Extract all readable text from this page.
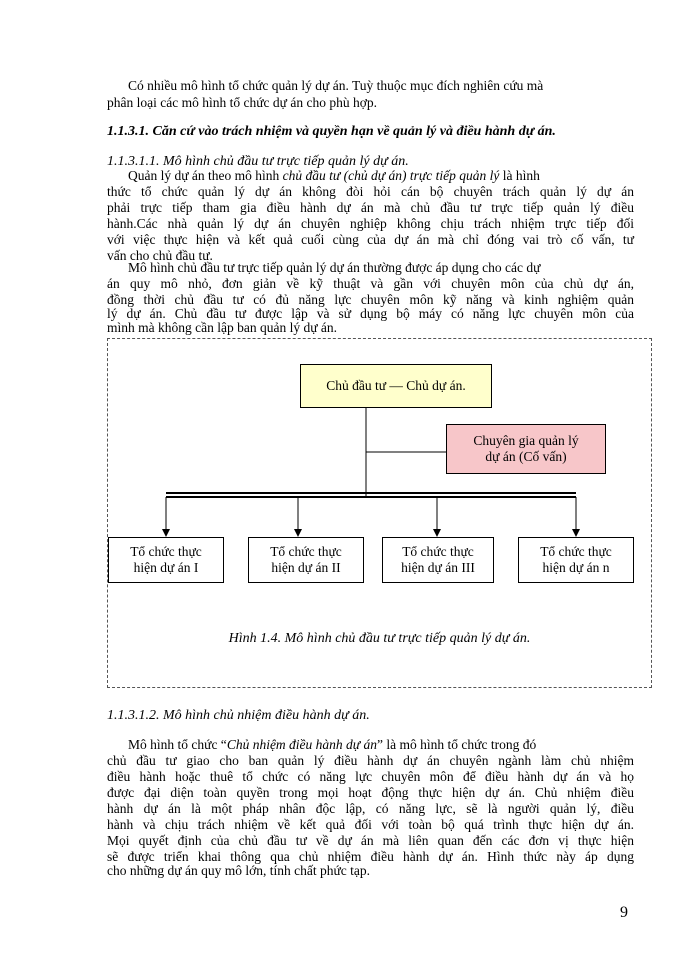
Có nhiều mô hình tổ chức quản lý dự án. Tuỳ thuộc mục đích nghiên cứu mà
phân loại các mô hình tổ chức dự án cho phù hợp.
1.1.3.1. Căn cứ vào trách nhiệm và quyền hạn về quản lý và điều hành dự án.
1.1.3.1.1. Mô hình chủ đầu tư trực tiếp quản lý dự án.
Quản lý dự án theo mô hình chủ đầu tư (chủ dự án) trực tiếp quản lý là hình
thức tổ chức quản lý dự án không đòi hỏi cán bộ chuyên trách quản lý dự án
phải trực tiếp tham gia điều hành dự án mà chủ đầu tư trực tiếp quản lý điều
hành.Các nhà quản lý dự án chuyên nghiệp không chịu trách nhiệm trực tiếp đối
với việc thực hiện và kết quả cuối cùng của dự án mà chỉ đóng vai trò cố vấn, tư
vấn cho chủ đầu tư.
Mô hình chủ đầu tư trực tiếp quản lý dự án thường được áp dụng cho các dự
án quy mô nhỏ, đơn giản về kỹ thuật và gần với chuyên môn của chủ dự án,
đồng thời chủ đầu tư có đủ năng lực chuyên môn kỹ năng và kinh nghiệm quản
lý dự án. Chủ đầu tư được lập và sử dụng bộ máy có năng lực chuyên môn của
mình mà không cần lập ban quản lý dự án.
Chủ đầu tư — Chủ dự án.
Chuyên gia quản lý
dự án (Cố vấn)
Tổ chức thực
hiện dự án I
Tổ chức thực
hiện dự án II
Tổ chức thực
hiện dự án III
Tổ chức thực
hiện dự án n
Hình 1.4. Mô hình chủ đầu tư trực tiếp quản lý dự án.
1.1.3.1.2. Mô hình chủ nhiệm điều hành dự án.
Mô hình tổ chức “Chủ nhiệm điều hành dự án” là mô hình tổ chức trong đó
chủ đầu tư giao cho ban quản lý điều hành dự án chuyên ngành làm chủ nhiệm
điều hành hoặc thuê tổ chức có năng lực chuyên môn để điều hành dự án và họ
được đại diện toàn quyền trong mọi hoạt động thực hiện dự án. Chủ nhiệm điều
hành dự án là một pháp nhân độc lập, có năng lực, sẽ là người quản lý, điều
hành và chịu trách nhiệm về kết quả đối với toàn bộ quá trình thực hiện dự án.
Mọi quyết định của chủ đầu tư về dự án mà liên quan đến các đơn vị thực hiện
sẽ được triển khai thông qua chủ nhiệm điều hành dự án. Hình thức này áp dụng
cho những dự án quy mô lớn, tính chất phức tạp.
9
